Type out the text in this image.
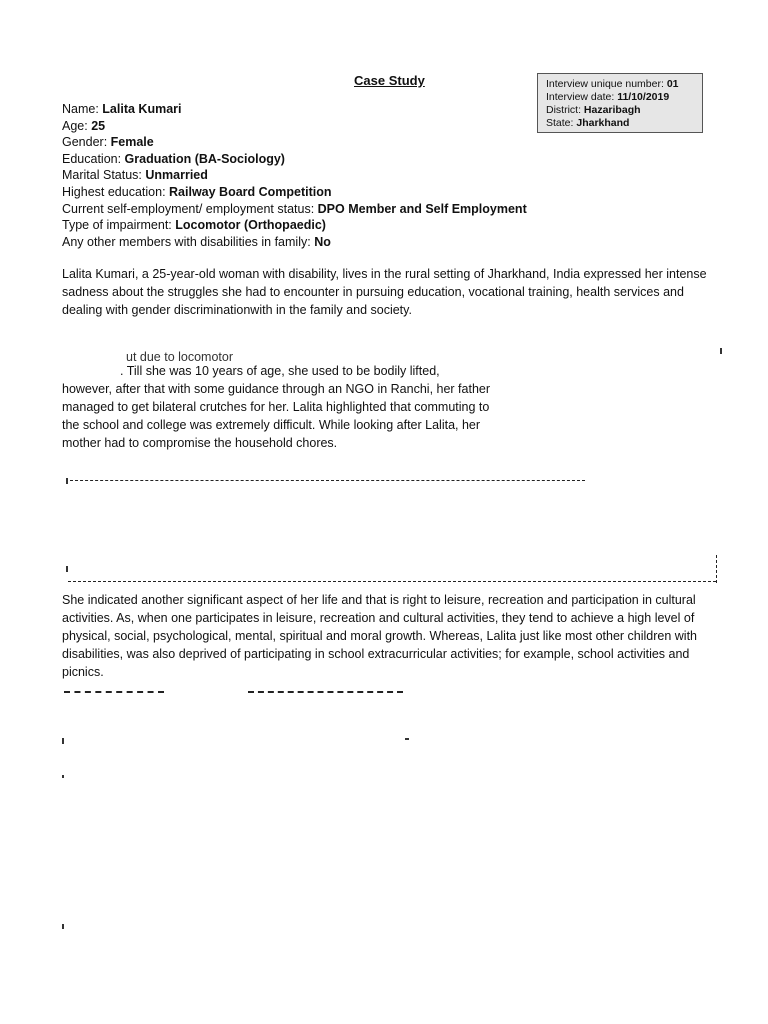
Case Study	Interview unique number: 01
Interview date: 11/10/2019
District: Hazaribagh
State: Jharkhand
Name: Lalita Kumari
Age: 25
Gender: Female
Education: Graduation (BA-Sociology)
Marital Status: Unmarried
Highest education: Railway Board Competition
Current self-employment/ employment status: DPO Member and Self Employment
Type of impairment: Locomotor (Orthopaedic)
Any other members with disabilities in family: No

Lalita Kumari, a 25-year-old woman with disability, lives in the rural setting of Jharkhand, India expressed her intense sadness about the struggles she had to encounter in pursuing education, vocational training, health services and dealing with gender discriminationwith in the family and society.

ut due to locomotor
. Till she was 10 years of age, she used to be bodily lifted,

however, after that with some guidance through an NGO in Ranchi, her father managed to get bilateral crutches for her. Lalita highlighted that commuting to the school and college was extremely difficult. While looking after Lalita, her mother had to compromise the household chores.

She indicated another significant aspect of her life and that is right to leisure, recreation and participation in cultural activities. As, when one participates in leisure, recreation and cultural activities, they tend to achieve a high level of physical, social, psychological, mental, spiritual and moral growth. Whereas, Lalita just like most other children with disabilities, was also deprived of participating in school extracurricular activities; for example, school activities and picnics.
